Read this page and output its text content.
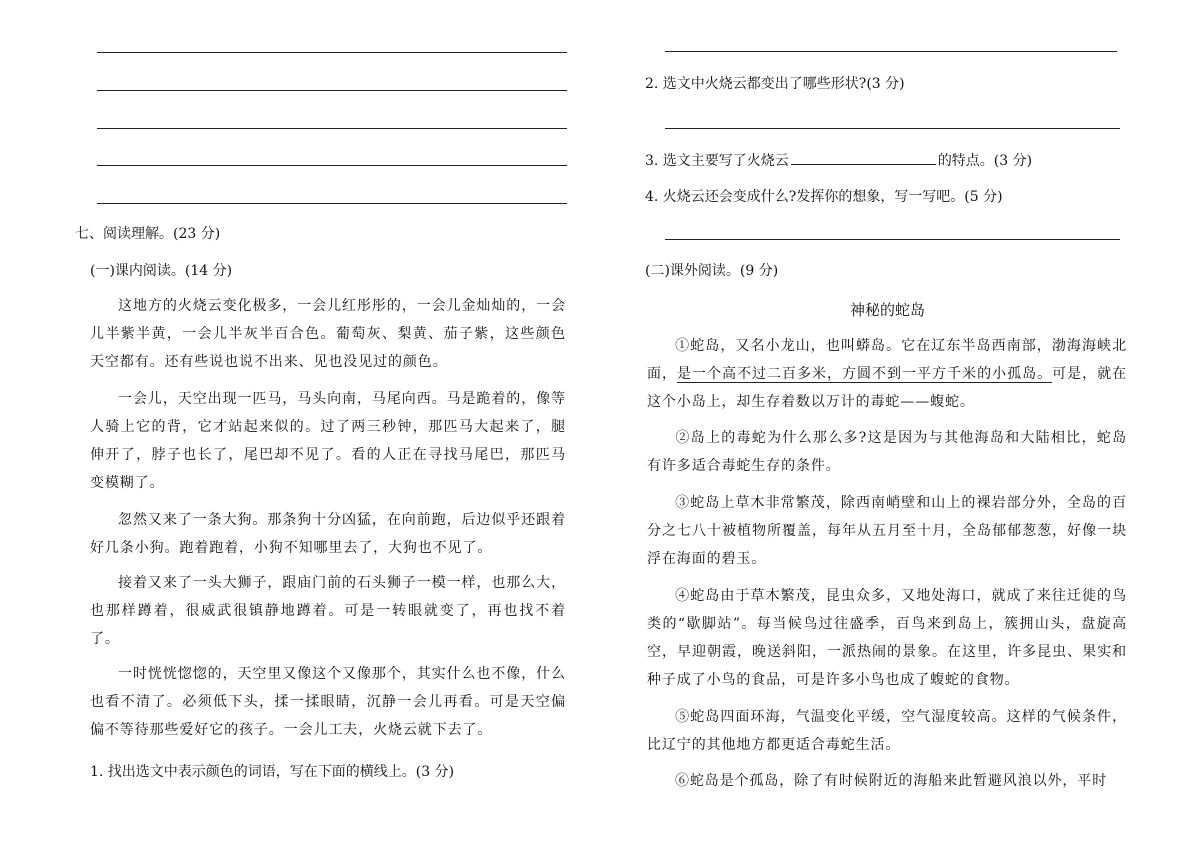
七、阅读理解。(23 分)
(一)课内阅读。(14 分)
这地方的火烧云变化极多，一会儿红彤彤的，一会儿金灿灿的，一会儿半紫半黄，一会儿半灰半百合色。葡萄灰、梨黄、茄子紫，这些颜色天空都有。还有些说也说不出来、见也没见过的颜色。
一会儿，天空出现一匹马，马头向南，马尾向西。马是跪着的，像等人骑上它的背，它才站起来似的。过了两三秒钟，那匹马大起来了，腿伸开了，脖子也长了，尾巴却不见了。看的人正在寻找马尾巴，那匹马变模糊了。
忽然又来了一条大狗。那条狗十分凶猛，在向前跑，后边似乎还跟着好几条小狗。跑着跑着，小狗不知哪里去了，大狗也不见了。
接着又来了一头大狮子，跟庙门前的石头狮子一模一样，也那么大，也那样蹲着，很威武很镇静地蹲着。可是一转眼就变了，再也找不着了。
一时恍恍惚惚的，天空里又像这个又像那个，其实什么也不像，什么也看不清了。必须低下头，揉一揉眼睛，沉静一会儿再看。可是天空偏偏不等待那些爱好它的孩子。一会儿工夫，火烧云就下去了。
1. 找出选文中表示颜色的词语，写在下面的横线上。(3 分)
2. 选文中火烧云都变出了哪些形状?(3 分)
3. 选文主要写了火烧云	的特点。(3 分)
4. 火烧云还会变成什么?发挥你的想象，写一写吧。(5 分)
(二)课外阅读。(9 分)
神秘的蛇岛
①蛇岛，又名小龙山，也叫蟒岛。它在辽东半岛西南部，渤海海峡北面，是一个高不过二百多米，方圆不到一平方千米的小孤岛。可是，就在这个小岛上，却生存着数以万计的毒蛇——蝮蛇。
②岛上的毒蛇为什么那么多?这是因为与其他海岛和大陆相比，蛇岛有许多适合毒蛇生存的条件。
③蛇岛上草木非常繁茂，除西南峭壁和山上的裸岩部分外，全岛的百分之七八十被植物所覆盖，每年从五月至十月，全岛郁郁葱葱，好像一块浮在海面的碧玉。
④蛇岛由于草木繁茂，昆虫众多，又地处海口，就成了来往迁徙的鸟类的“歇脚站”。每当候鸟过往盛季，百鸟来到岛上，簇拥山头，盘旋高空，早迎朝霞，晚送斜阳，一派热闹的景象。在这里，许多昆虫、果实和种子成了小鸟的食品，可是许多小鸟也成了蝮蛇的食物。
⑤蛇岛四面环海，气温变化平缓，空气湿度较高。这样的气候条件，比辽宁的其他地方都更适合毒蛇生活。
⑥蛇岛是个孤岛，除了有时候附近的海船来此暂避风浪以外，平时
